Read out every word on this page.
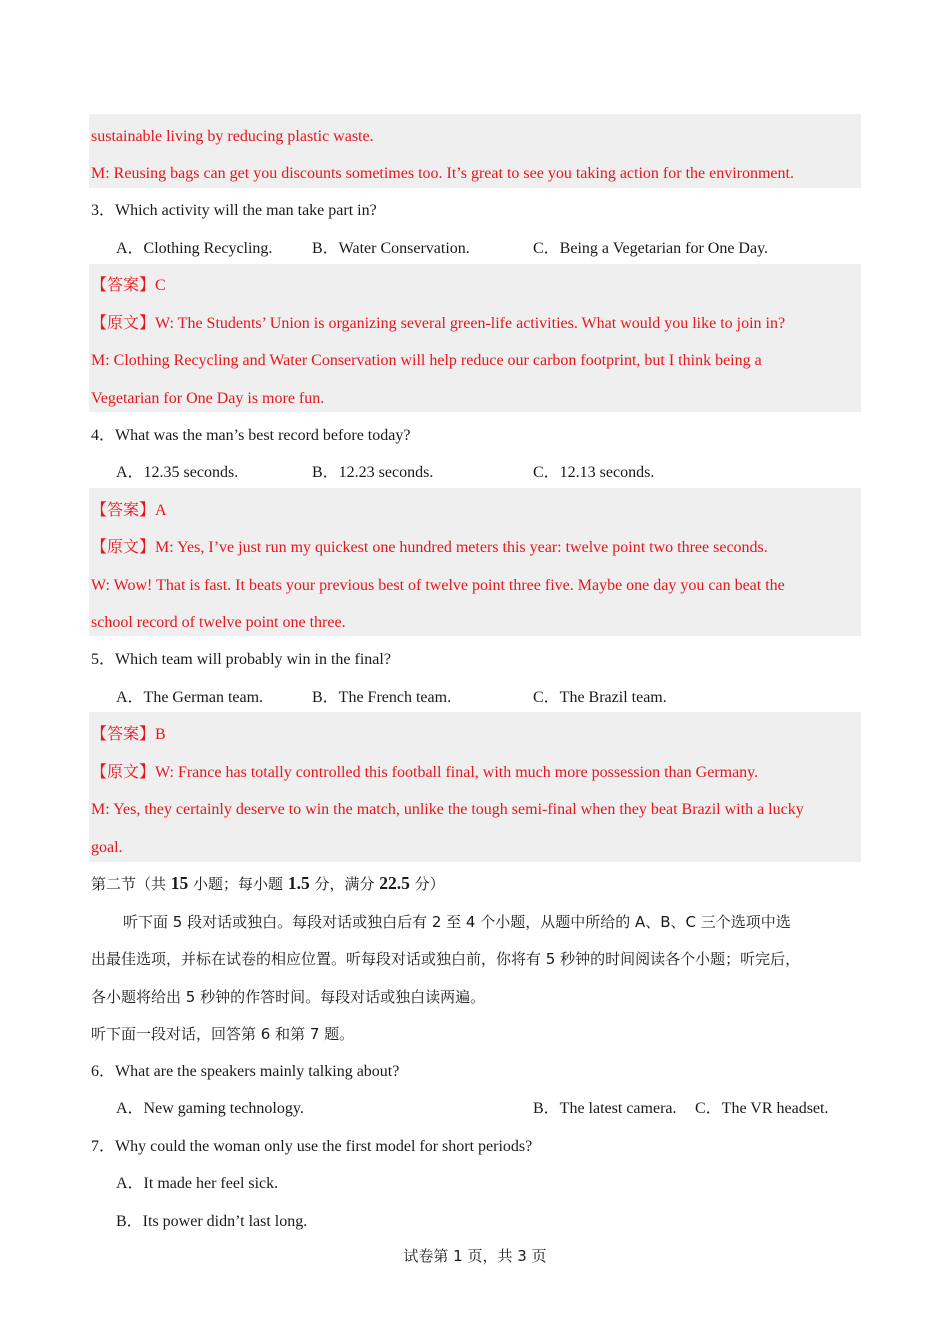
sustainable living by reducing plastic waste.
M: Reusing bags can get you discounts sometimes too. It’s great to see you taking action for the environment.
3．Which activity will the man take part in?
A．Clothing Recycling. B．Water Conservation.	C．Being a Vegetarian for One Day.
【答案】C
【原文】W: The Students’ Union is organizing several green-life activities. What would you like to join in?
M: Clothing Recycling and Water Conservation will help reduce our carbon footprint, but I think being a
Vegetarian for One Day is more fun.
4．What was the man’s best record before today?
A．12.35 seconds.	B．12.23 seconds.	C．12.13 seconds.
【答案】A
【原文】M: Yes, I’ve just run my quickest one hundred meters this year: twelve point two three seconds.
W: Wow! That is fast. It beats your previous best of twelve point three five. Maybe one day you can beat the
school record of twelve point one three.
5．Which team will probably win in the final?
A．The German team.	B．The French team.	C．The Brazil team.
【答案】B
【原文】W: France has totally controlled this football final, with much more possession than Germany.
M: Yes, they certainly deserve to win the match, unlike the tough semi-final when they beat Brazil with a lucky
goal.
第二节（共 15 小题；每小题 1.5 分，满分 22.5 分）
听下面 5 段对话或独白。每段对话或独白后有 2 至 4 个小题，从题中所给的 A、B、C 三个选项中选
出最佳选项，并标在试卷的相应位置。听每段对话或独白前，你将有 5 秒钟的时间阅读各个小题；听完后，
各小题将给出 5 秒钟的作答时间。每段对话或独白读两遍。
听下面一段对话，回答第 6 和第 7 题。
6．What are the speakers mainly talking about?
A．New gaming technology.	B．The latest camera. C．The VR headset.
7．Why could the woman only use the first model for short periods?
A．It made her feel sick.
B．Its power didn’t last long.
试卷第 1 页，共 3 页
